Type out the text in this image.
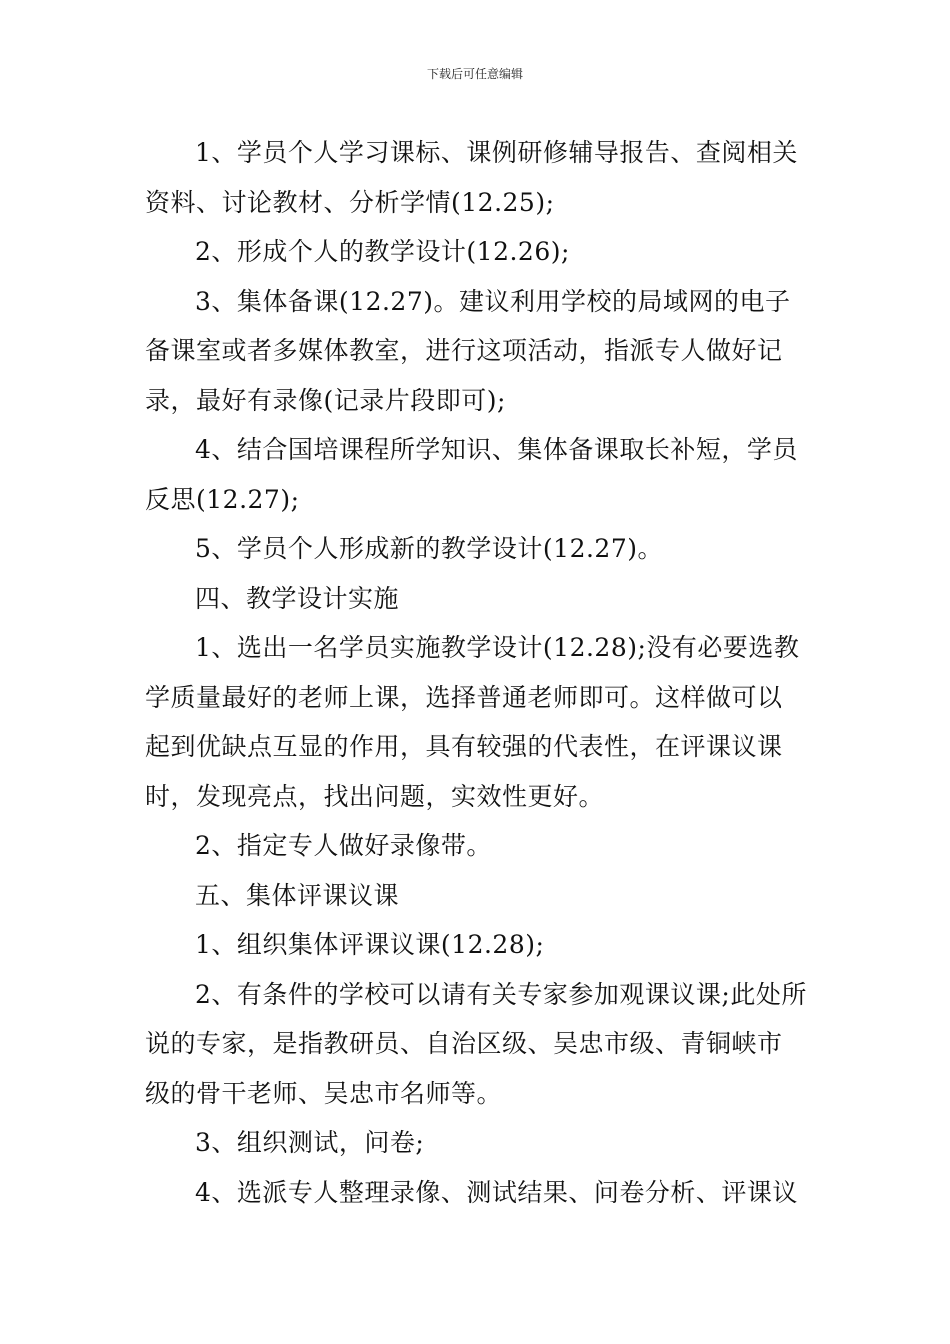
下载后可任意编辑

1、学员个人学习课标、课例研修辅导报告、查阅相关资料、讨论教材、分析学情(12.25);

2、形成个人的教学设计(12.26);

3、集体备课(12.27)。建议利用学校的局域网的电子备课室或者多媒体教室，进行这项活动，指派专人做好记录，最好有录像(记录片段即可);

4、结合国培课程所学知识、集体备课取长补短，学员反思(12.27);

5、学员个人形成新的教学设计(12.27)。

四、教学设计实施

1、选出一名学员实施教学设计(12.28);没有必要选教学质量最好的老师上课，选择普通老师即可。这样做可以起到优缺点互显的作用，具有较强的代表性，在评课议课时，发现亮点，找出问题，实效性更好。

2、指定专人做好录像带。

五、集体评课议课

1、组织集体评课议课(12.28);

2、有条件的学校可以请有关专家参加观课议课;此处所说的专家，是指教研员、自治区级、吴忠市级、青铜峡市级的骨干老师、吴忠市名师等。

3、组织测试，问卷;

4、选派专人整理录像、测试结果、问卷分析、评课议
